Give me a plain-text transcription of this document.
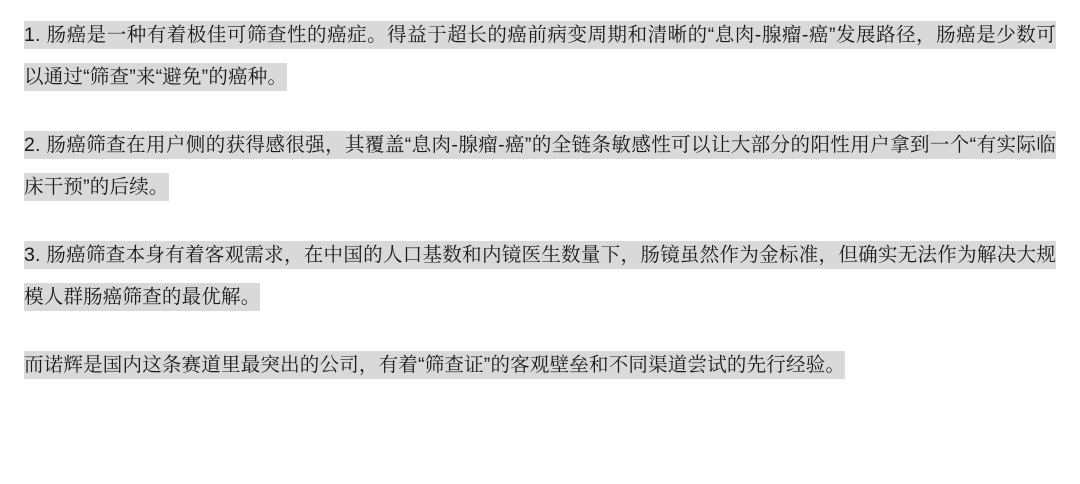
1. 肠癌是一种有着极佳可筛查性的癌症。得益于超长的癌前病变周期和清晰的“息肉-腺瘤-癌”发展路径，肠癌是少数可以通过“筛查”来“避免”的癌种。

2. 肠癌筛查在用户侧的获得感很强，其覆盖“息肉-腺瘤-癌”的全链条敏感性可以让大部分的阳性用户拿到一个“有实际临床干预”的后续。

3. 肠癌筛查本身有着客观需求，在中国的人口基数和内镜医生数量下，肠镜虽然作为金标准，但确实无法作为解决大规模人群肠癌筛查的最优解。

而诺辉是国内这条赛道里最突出的公司，有着“筛查证”的客观壁垒和不同渠道尝试的先行经验。
